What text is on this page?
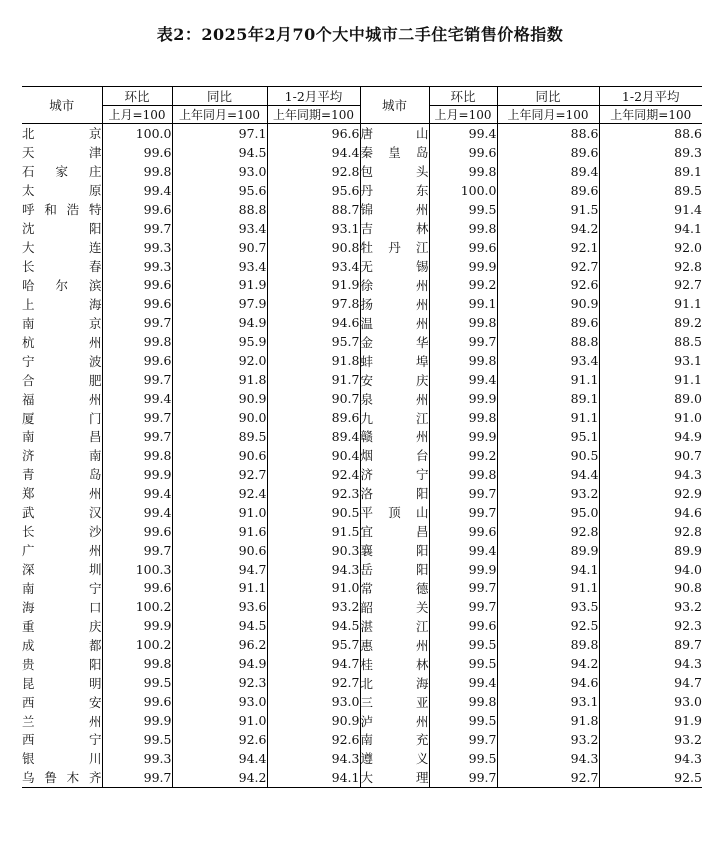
表2：2025年2月70个大中城市二手住宅销售价格指数
城市	环比	同比	1-2月平均	城市	环比	同比	1-2月平均
	上月=100	上年同月=100	上年同期=100		上月=100	上年同月=100	上年同期=100
北京	100.0	97.1	96.6	唐山	99.4	88.6	88.6
天津	99.6	94.5	94.4	秦皇岛	99.6	89.6	89.3
石家庄	99.8	93.0	92.8	包头	99.8	89.4	89.1
太原	99.4	95.6	95.6	丹东	100.0	89.6	89.5
呼和浩特	99.6	88.8	88.7	锦州	99.5	91.5	91.4
沈阳	99.7	93.4	93.1	吉林	99.8	94.2	94.1
大连	99.3	90.7	90.8	牡丹江	99.6	92.1	92.0
长春	99.3	93.4	93.4	无锡	99.9	92.7	92.8
哈尔滨	99.6	91.9	91.9	徐州	99.2	92.6	92.7
上海	99.6	97.9	97.8	扬州	99.1	90.9	91.1
南京	99.7	94.9	94.6	温州	99.8	89.6	89.2
杭州	99.8	95.9	95.7	金华	99.7	88.8	88.5
宁波	99.6	92.0	91.8	蚌埠	99.8	93.4	93.1
合肥	99.7	91.8	91.7	安庆	99.4	91.1	91.1
福州	99.4	90.9	90.7	泉州	99.9	89.1	89.0
厦门	99.7	90.0	89.6	九江	99.8	91.1	91.0
南昌	99.7	89.5	89.4	赣州	99.9	95.1	94.9
济南	99.8	90.6	90.4	烟台	99.2	90.5	90.7
青岛	99.9	92.7	92.4	济宁	99.8	94.4	94.3
郑州	99.4	92.4	92.3	洛阳	99.7	93.2	92.9
武汉	99.4	91.0	90.5	平顶山	99.7	95.0	94.6
长沙	99.6	91.6	91.5	宜昌	99.6	92.8	92.8
广州	99.7	90.6	90.3	襄阳	99.4	89.9	89.9
深圳	100.3	94.7	94.3	岳阳	99.9	94.1	94.0
南宁	99.6	91.1	91.0	常德	99.7	91.1	90.8
海口	100.2	93.6	93.2	韶关	99.7	93.5	93.2
重庆	99.9	94.5	94.5	湛江	99.6	92.5	92.3
成都	100.2	96.2	95.7	惠州	99.5	89.8	89.7
贵阳	99.8	94.9	94.7	桂林	99.5	94.2	94.3
昆明	99.5	92.3	92.7	北海	99.4	94.6	94.7
西安	99.6	93.0	93.0	三亚	99.8	93.1	93.0
兰州	99.9	91.0	90.9	泸州	99.5	91.8	91.9
西宁	99.5	92.6	92.6	南充	99.7	93.2	93.2
银川	99.3	94.4	94.3	遵义	99.5	94.3	94.3
乌鲁木齐	99.7	94.2	94.1	大理	99.7	92.7	92.5
